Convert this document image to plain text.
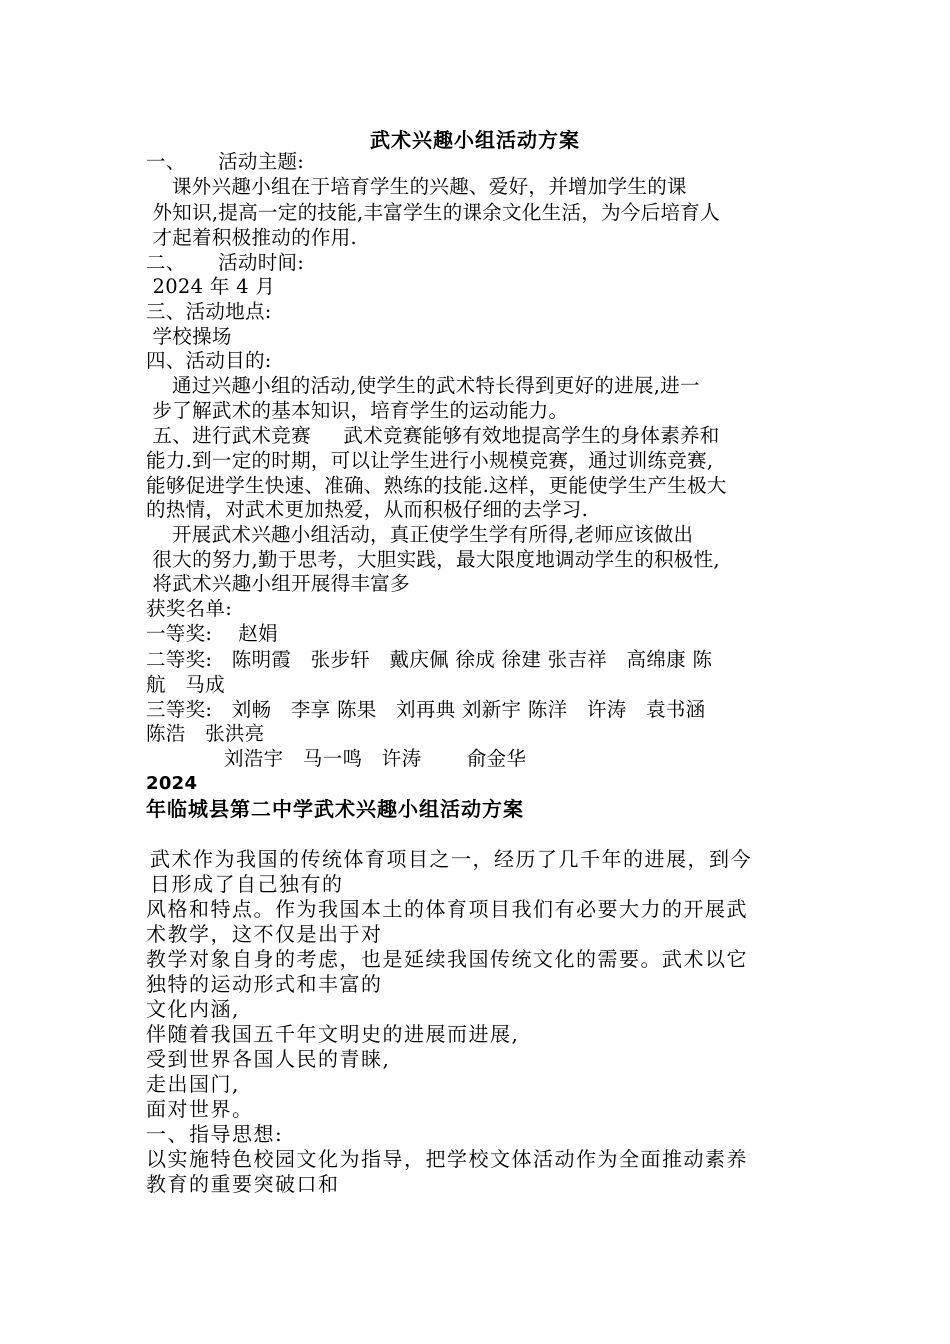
武术兴趣小组活动方案
一、     活动主题:
课外兴趣小组在于培育学生的兴趣、爱好，并增加学生的课
外知识,提高一定的技能,丰富学生的课余文化生活，为今后培育人
才起着积极推动的作用.
二、     活动时间:
2024 年 4 月
三、活动地点:
学校操场
四、活动目的:
通过兴趣小组的活动,使学生的武术特长得到更好的进展,进一
步了解武术的基本知识，培育学生的运动能力。
五、进行武术竞赛     武术竞赛能够有效地提高学生的身体素养和
能力.到一定的时期，可以让学生进行小规模竞赛，通过训练竞赛,
能够促进学生快速、准确、熟练的技能.这样，更能使学生产生极大
的热情，对武术更加热爱，从而积极仔细的去学习.
开展武术兴趣小组活动，真正使学生学有所得,老师应该做出
很大的努力,勤于思考，大胆实践，最大限度地调动学生的积极性,
将武术兴趣小组开展得丰富多
获奖名单:
一等奖:    赵娟
二等奖:   陈明霞   张步轩   戴庆佩 徐成 徐建 张吉祥   高绵康 陈
航   马成
三等奖:   刘畅   李享 陈果   刘再典 刘新宇 陈洋   许涛   袁书涵
陈浩   张洪亮
刘浩宇   马一鸣   许涛       俞金华
2024
年临城县第二中学武术兴趣小组活动方案
武术作为我国的传统体育项目之一，经历了几千年的进展，到今
日形成了自己独有的
风格和特点。作为我国本土的体育项目我们有必要大力的开展武
术教学，这不仅是出于对
教学对象自身的考虑，也是延续我国传统文化的需要。武术以它
独特的运动形式和丰富的
文化内涵,
伴随着我国五千年文明史的进展而进展,
受到世界各国人民的青睐,
走出国门,
面对世界。
一、指导思想:
以实施特色校园文化为指导，把学校文体活动作为全面推动素养
教育的重要突破口和
